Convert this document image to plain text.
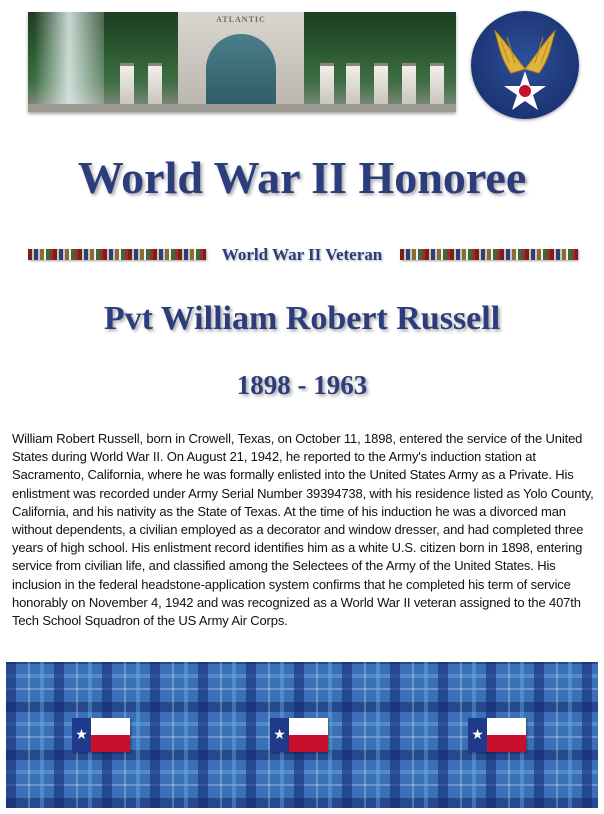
ATLANTIC
World War II Honoree
World War II Veteran
Pvt William Robert Russell
1898 - 1963

William Robert Russell, born in Crowell, Texas, on October 11, 1898, entered the service of the United States during World War II. On August 21, 1942, he reported to the Army's induction station at Sacramento, California, where he was formally enlisted into the United States Army as a Private. His enlistment was recorded under Army Serial Number 39394738, with his residence listed as Yolo County, California, and his nativity as the State of Texas. At the time of his induction he was a divorced man without dependents, a civilian employed as a decorator and window dresser, and had completed three years of high school. His enlistment record identifies him as a white U.S. citizen born in 1898, entering service from civilian life, and classified among the Selectees of the Army of the United States. His inclusion in the federal headstone-application system confirms that he completed his term of service honorably on November 4, 1942 and was recognized as a World War II veteran assigned to the 407th Tech School Squadron of the US Army Air Corps.

★	★	★
